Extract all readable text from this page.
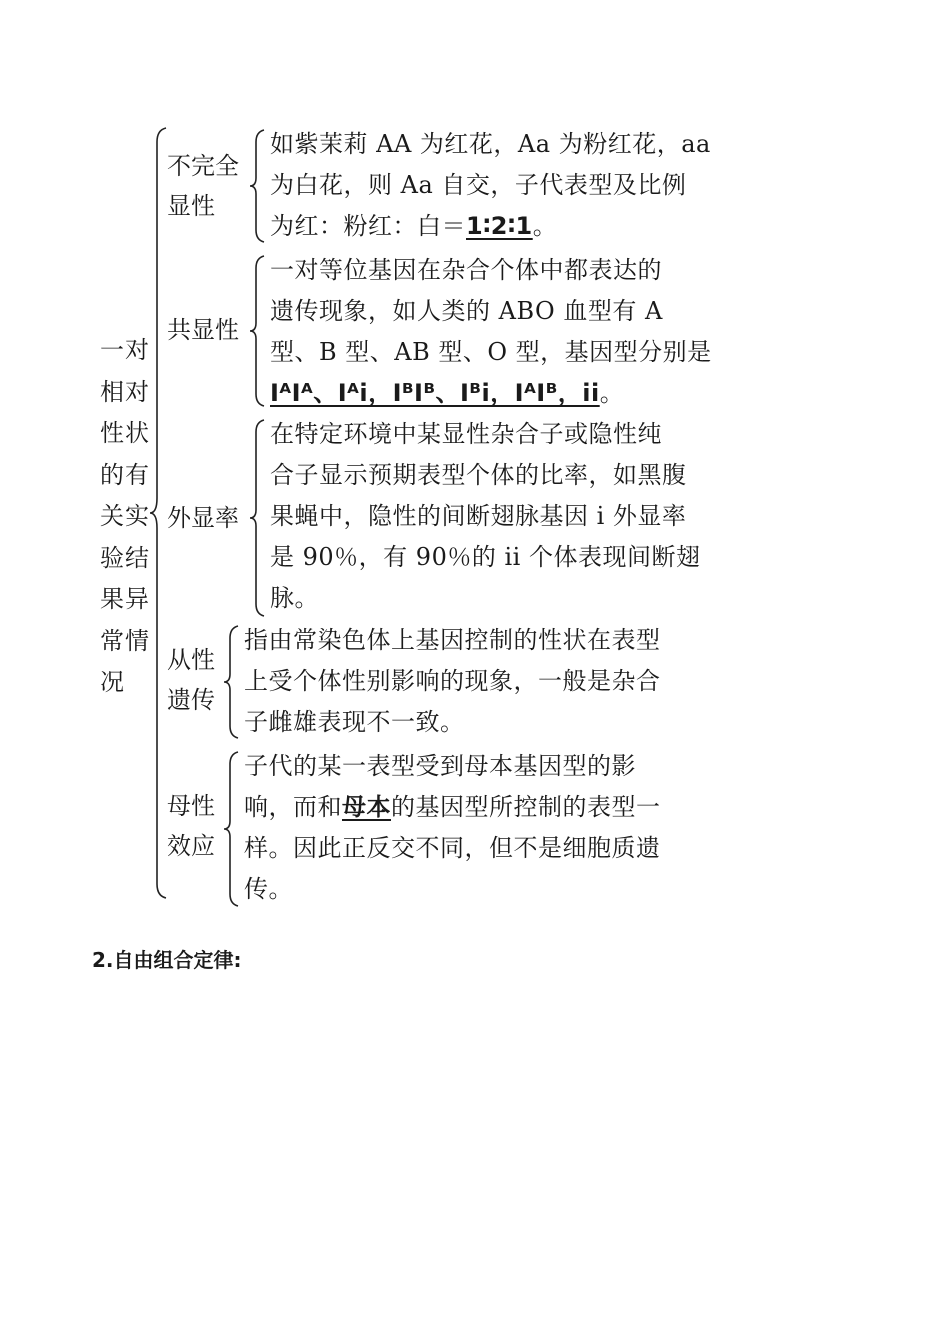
一对
相对
性状
的有
关实
验结
果异
常情
况
不完全
显性
如紫茉莉 AA 为红花，Aa 为粉红花，aa
为白花，则 Aa 自交，子代表型及比例
为红：粉红：白＝1∶2∶1。
共显性
一对等位基因在杂合个体中都表达的
遗传现象，如人类的 ABO 血型有 A
型、B 型、AB 型、O 型，基因型分别是
IᴬIᴬ、Iᴬi，IᴮIᴮ、Iᴮi，IᴬIᴮ，ii。
外显率
在特定环境中某显性杂合子或隐性纯
合子显示预期表型个体的比率，如黑腹
果蝇中，隐性的间断翅脉基因 i 外显率
是 90％，有 90％的 ii 个体表现间断翅
脉。
从性
遗传
指由常染色体上基因控制的性状在表型
上受个体性别影响的现象，一般是杂合
子雌雄表现不一致。
母性
效应
子代的某一表型受到母本基因型的影
响，而和母本的基因型所控制的表型一
样。因此正反交不同，但不是细胞质遗
传。
2.自由组合定律:
